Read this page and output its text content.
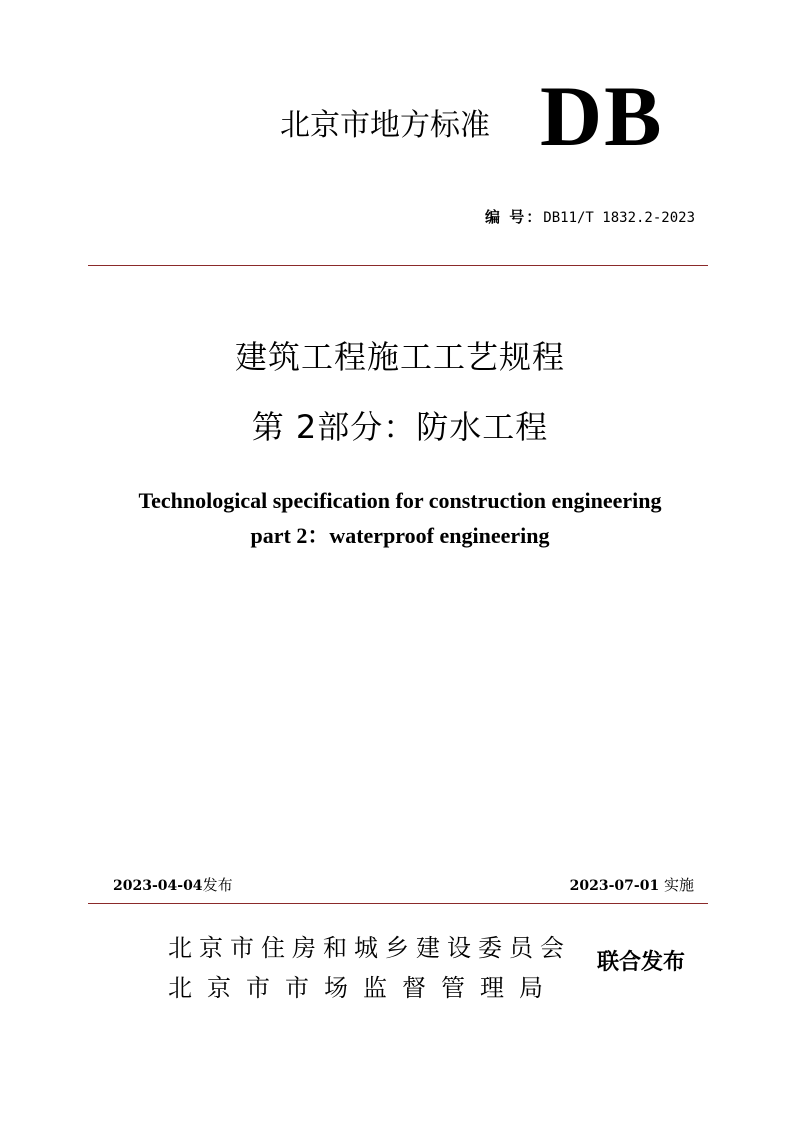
北京市地方标准 DB
编 号：DB11/T 1832.2-2023
建筑工程施工工艺规程
第 2部分：防水工程
Technological specification for construction engineering
part 2：waterproof engineering
2023-04-04发布	2023-07-01 实施
北京市住房和城乡建设委员会
北京市市场监督管理局
联合发布
